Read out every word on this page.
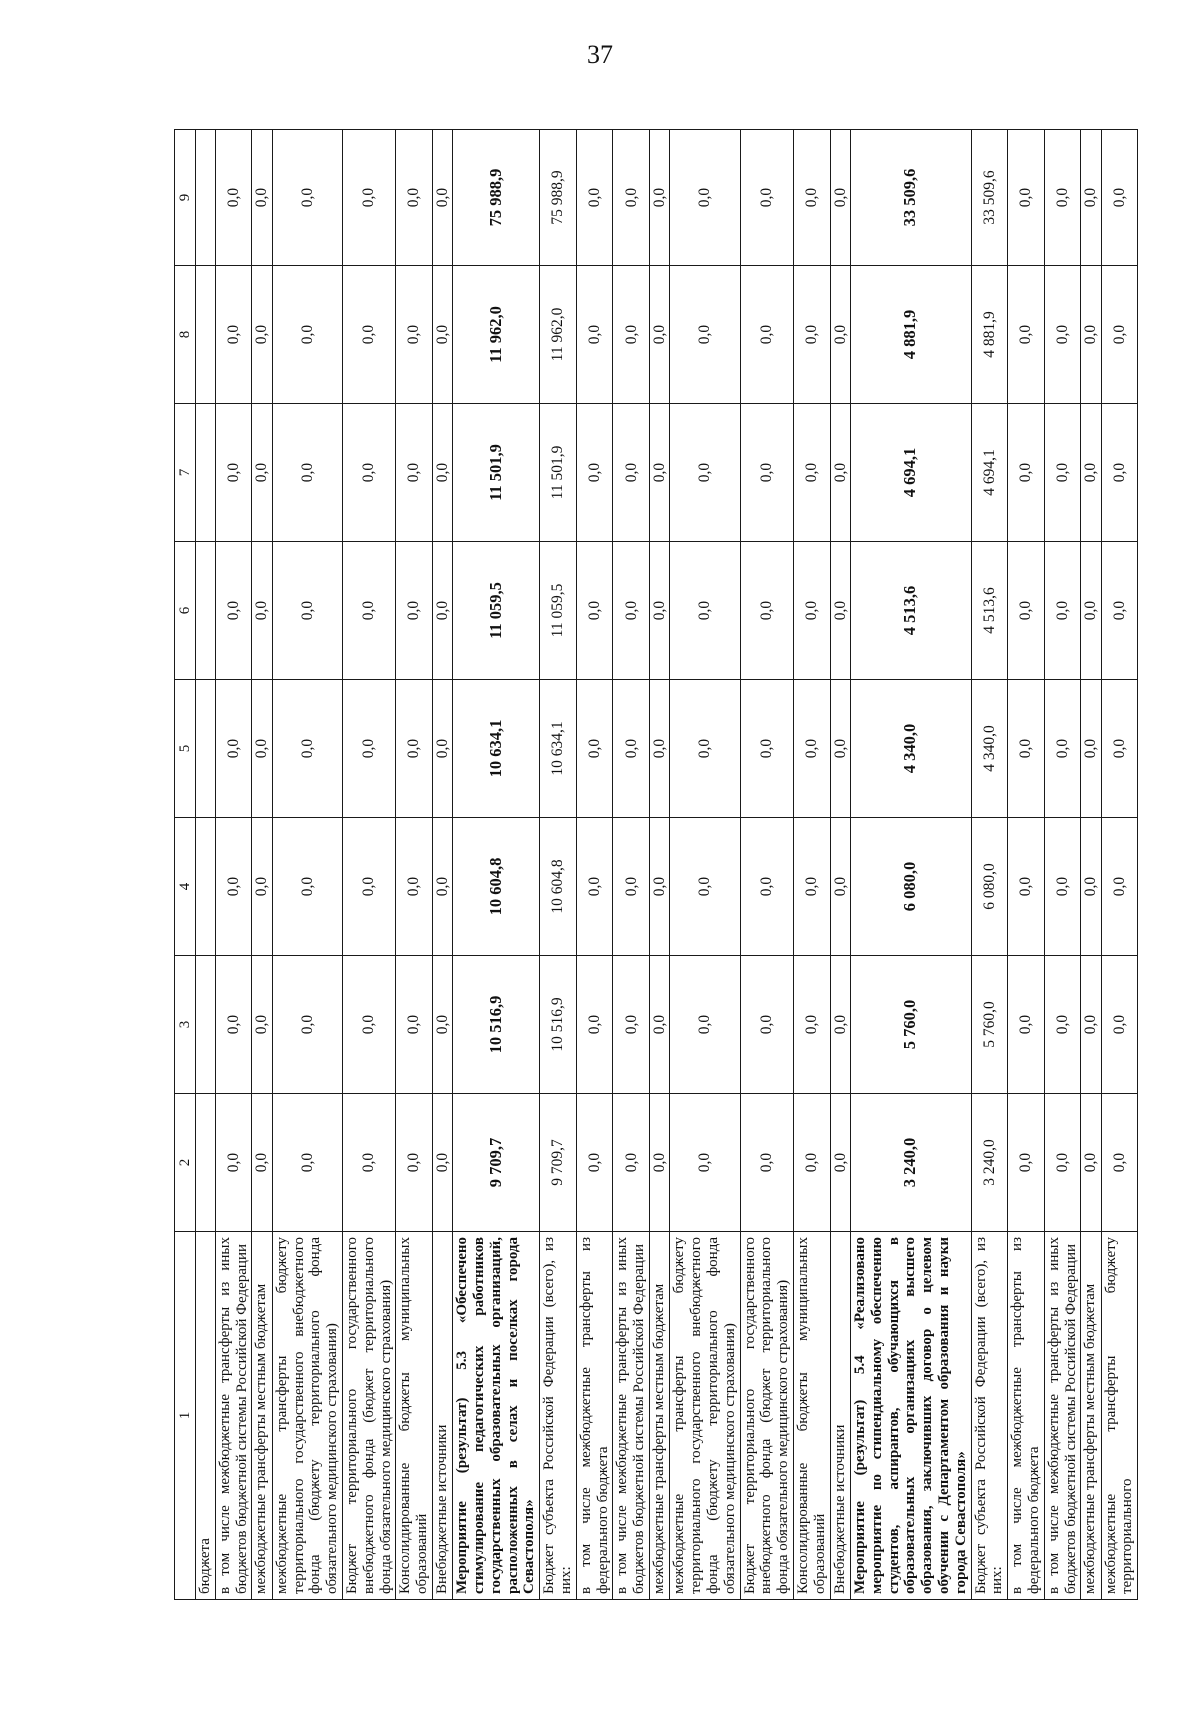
37
1	2	3	4	5	6	7	8	9
бюджета								
в том числе межбюджетные трансферты из иных бюджетов бюджетной системы Российской Федерации	0,0	0,0	0,0	0,0	0,0	0,0	0,0	0,0
межбюджетные трансферты местным бюджетам	0,0	0,0	0,0	0,0	0,0	0,0	0,0	0,0
межбюджетные трансферты бюджету территориального государственного внебюджетного фонда (бюджету территориального фонда обязательного медицинского страхования)	0,0	0,0	0,0	0,0	0,0	0,0	0,0	0,0
Бюджет территориального государственного внебюджетного фонда (бюджет территориального фонда обязательного медицинского страхования)	0,0	0,0	0,0	0,0	0,0	0,0	0,0	0,0
Консолидированные бюджеты муниципальных образований	0,0	0,0	0,0	0,0	0,0	0,0	0,0	0,0
Внебюджетные источники	0,0	0,0	0,0	0,0	0,0	0,0	0,0	0,0
Мероприятие (результат) 5.3 «Обеспечено стимулирование педагогических работников государственных образовательных организаций, расположенных в селах и поселках города Севастополя»	9 709,7	10 516,9	10 604,8	10 634,1	11 059,5	11 501,9	11 962,0	75 988,9
Бюджет субъекта Российской Федерации (всего), из них:	9 709,7	10 516,9	10 604,8	10 634,1	11 059,5	11 501,9	11 962,0	75 988,9
в том числе межбюджетные трансферты из федерального бюджета	0,0	0,0	0,0	0,0	0,0	0,0	0,0	0,0
в том числе межбюджетные трансферты из иных бюджетов бюджетной системы Российской Федерации	0,0	0,0	0,0	0,0	0,0	0,0	0,0	0,0
межбюджетные трансферты местным бюджетам	0,0	0,0	0,0	0,0	0,0	0,0	0,0	0,0
межбюджетные трансферты бюджету территориального государственного внебюджетного фонда (бюджету территориального фонда обязательного медицинского страхования)	0,0	0,0	0,0	0,0	0,0	0,0	0,0	0,0
Бюджет территориального государственного внебюджетного фонда (бюджет территориального фонда обязательного медицинского страхования)	0,0	0,0	0,0	0,0	0,0	0,0	0,0	0,0
Консолидированные бюджеты муниципальных образований	0,0	0,0	0,0	0,0	0,0	0,0	0,0	0,0
Внебюджетные источники	0,0	0,0	0,0	0,0	0,0	0,0	0,0	0,0
Мероприятие (результат) 5.4 «Реализовано мероприятие по стипендиальному обеспечению студентов, аспирантов, обучающихся в образовательных организациях высшего образования, заключивших договор о целевом обучении с Департаментом образования и науки города Севастополя»	3 240,0	5 760,0	6 080,0	4 340,0	4 513,6	4 694,1	4 881,9	33 509,6
Бюджет субъекта Российской Федерации (всего), из них:	3 240,0	5 760,0	6 080,0	4 340,0	4 513,6	4 694,1	4 881,9	33 509,6
в том числе межбюджетные трансферты из федерального бюджета	0,0	0,0	0,0	0,0	0,0	0,0	0,0	0,0
в том числе межбюджетные трансферты из иных бюджетов бюджетной системы Российской Федерации	0,0	0,0	0,0	0,0	0,0	0,0	0,0	0,0
межбюджетные трансферты местным бюджетам	0,0	0,0	0,0	0,0	0,0	0,0	0,0	0,0
межбюджетные трансферты бюджету территориального	0,0	0,0	0,0	0,0	0,0	0,0	0,0	0,0
